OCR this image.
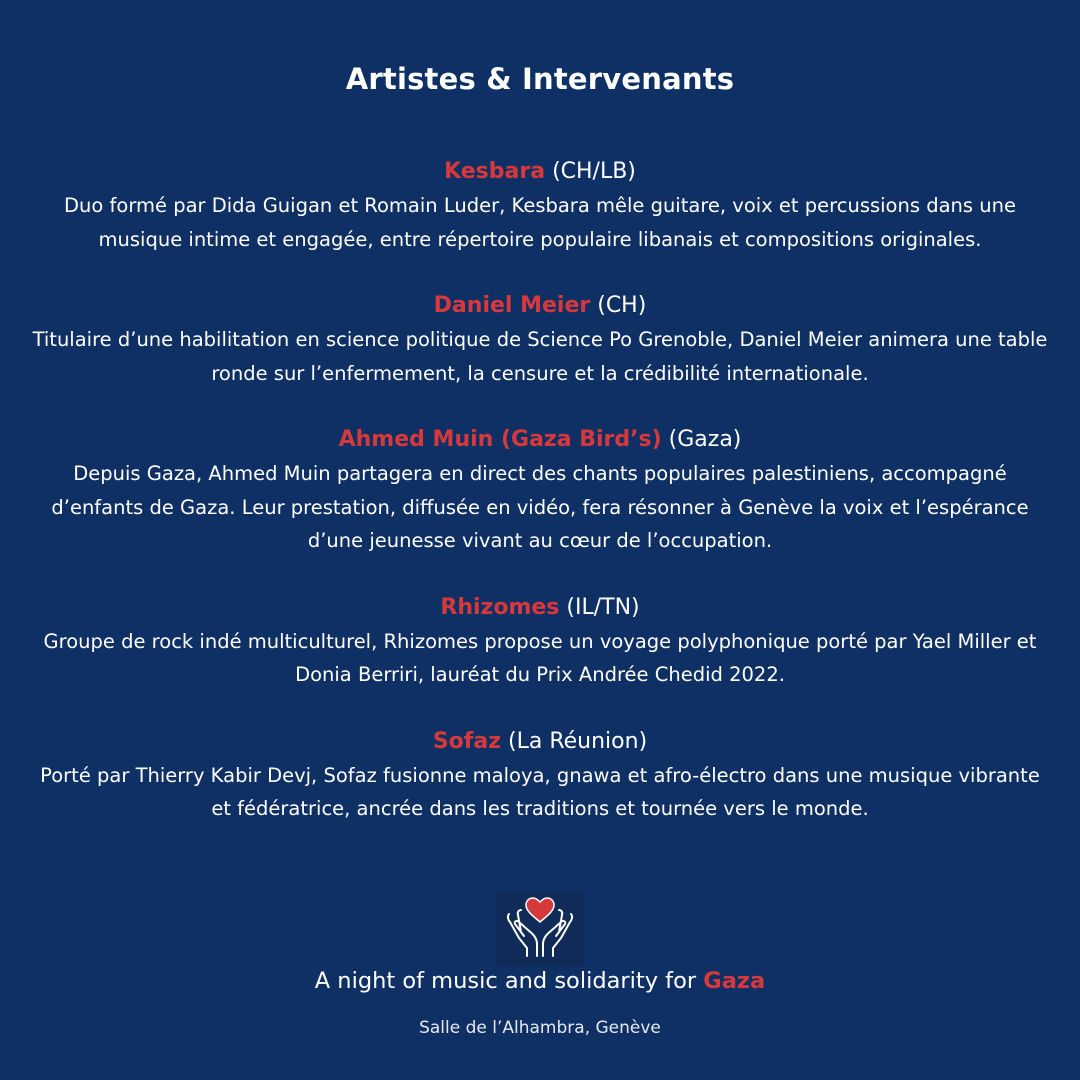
Artistes & Intervenants
Kesbara (CH/LB)

Duo formé par Dida Guigan et Romain Luder, Kesbara mêle guitare, voix et percussions dans une musique intime et engagée, entre répertoire populaire libanais et compositions originales.

Daniel Meier (CH)

Titulaire d’une habilitation en science politique de Science Po Grenoble, Daniel Meier animera une table ronde sur l’enfermement, la censure et la crédibilité internationale.

Ahmed Muin (Gaza Bird’s) (Gaza)

Depuis Gaza, Ahmed Muin partagera en direct des chants populaires palestiniens, accompagné d’enfants de Gaza. Leur prestation, diffusée en vidéo, fera résonner à Genève la voix et l’espérance d’une jeunesse vivant au cœur de l’occupation.

Rhizomes (IL/TN)

Groupe de rock indé multiculturel, Rhizomes propose un voyage polyphonique porté par Yael Miller et Donia Berriri, lauréat du Prix Andrée Chedid 2022.

Sofaz (La Réunion)

Porté par Thierry Kabir Devj, Sofaz fusionne maloya, gnawa et afro-électro dans une musique vibrante et fédératrice, ancrée dans les traditions et tournée vers le monde.

A night of music and solidarity for Gaza
Salle de l’Alhambra, Genève
